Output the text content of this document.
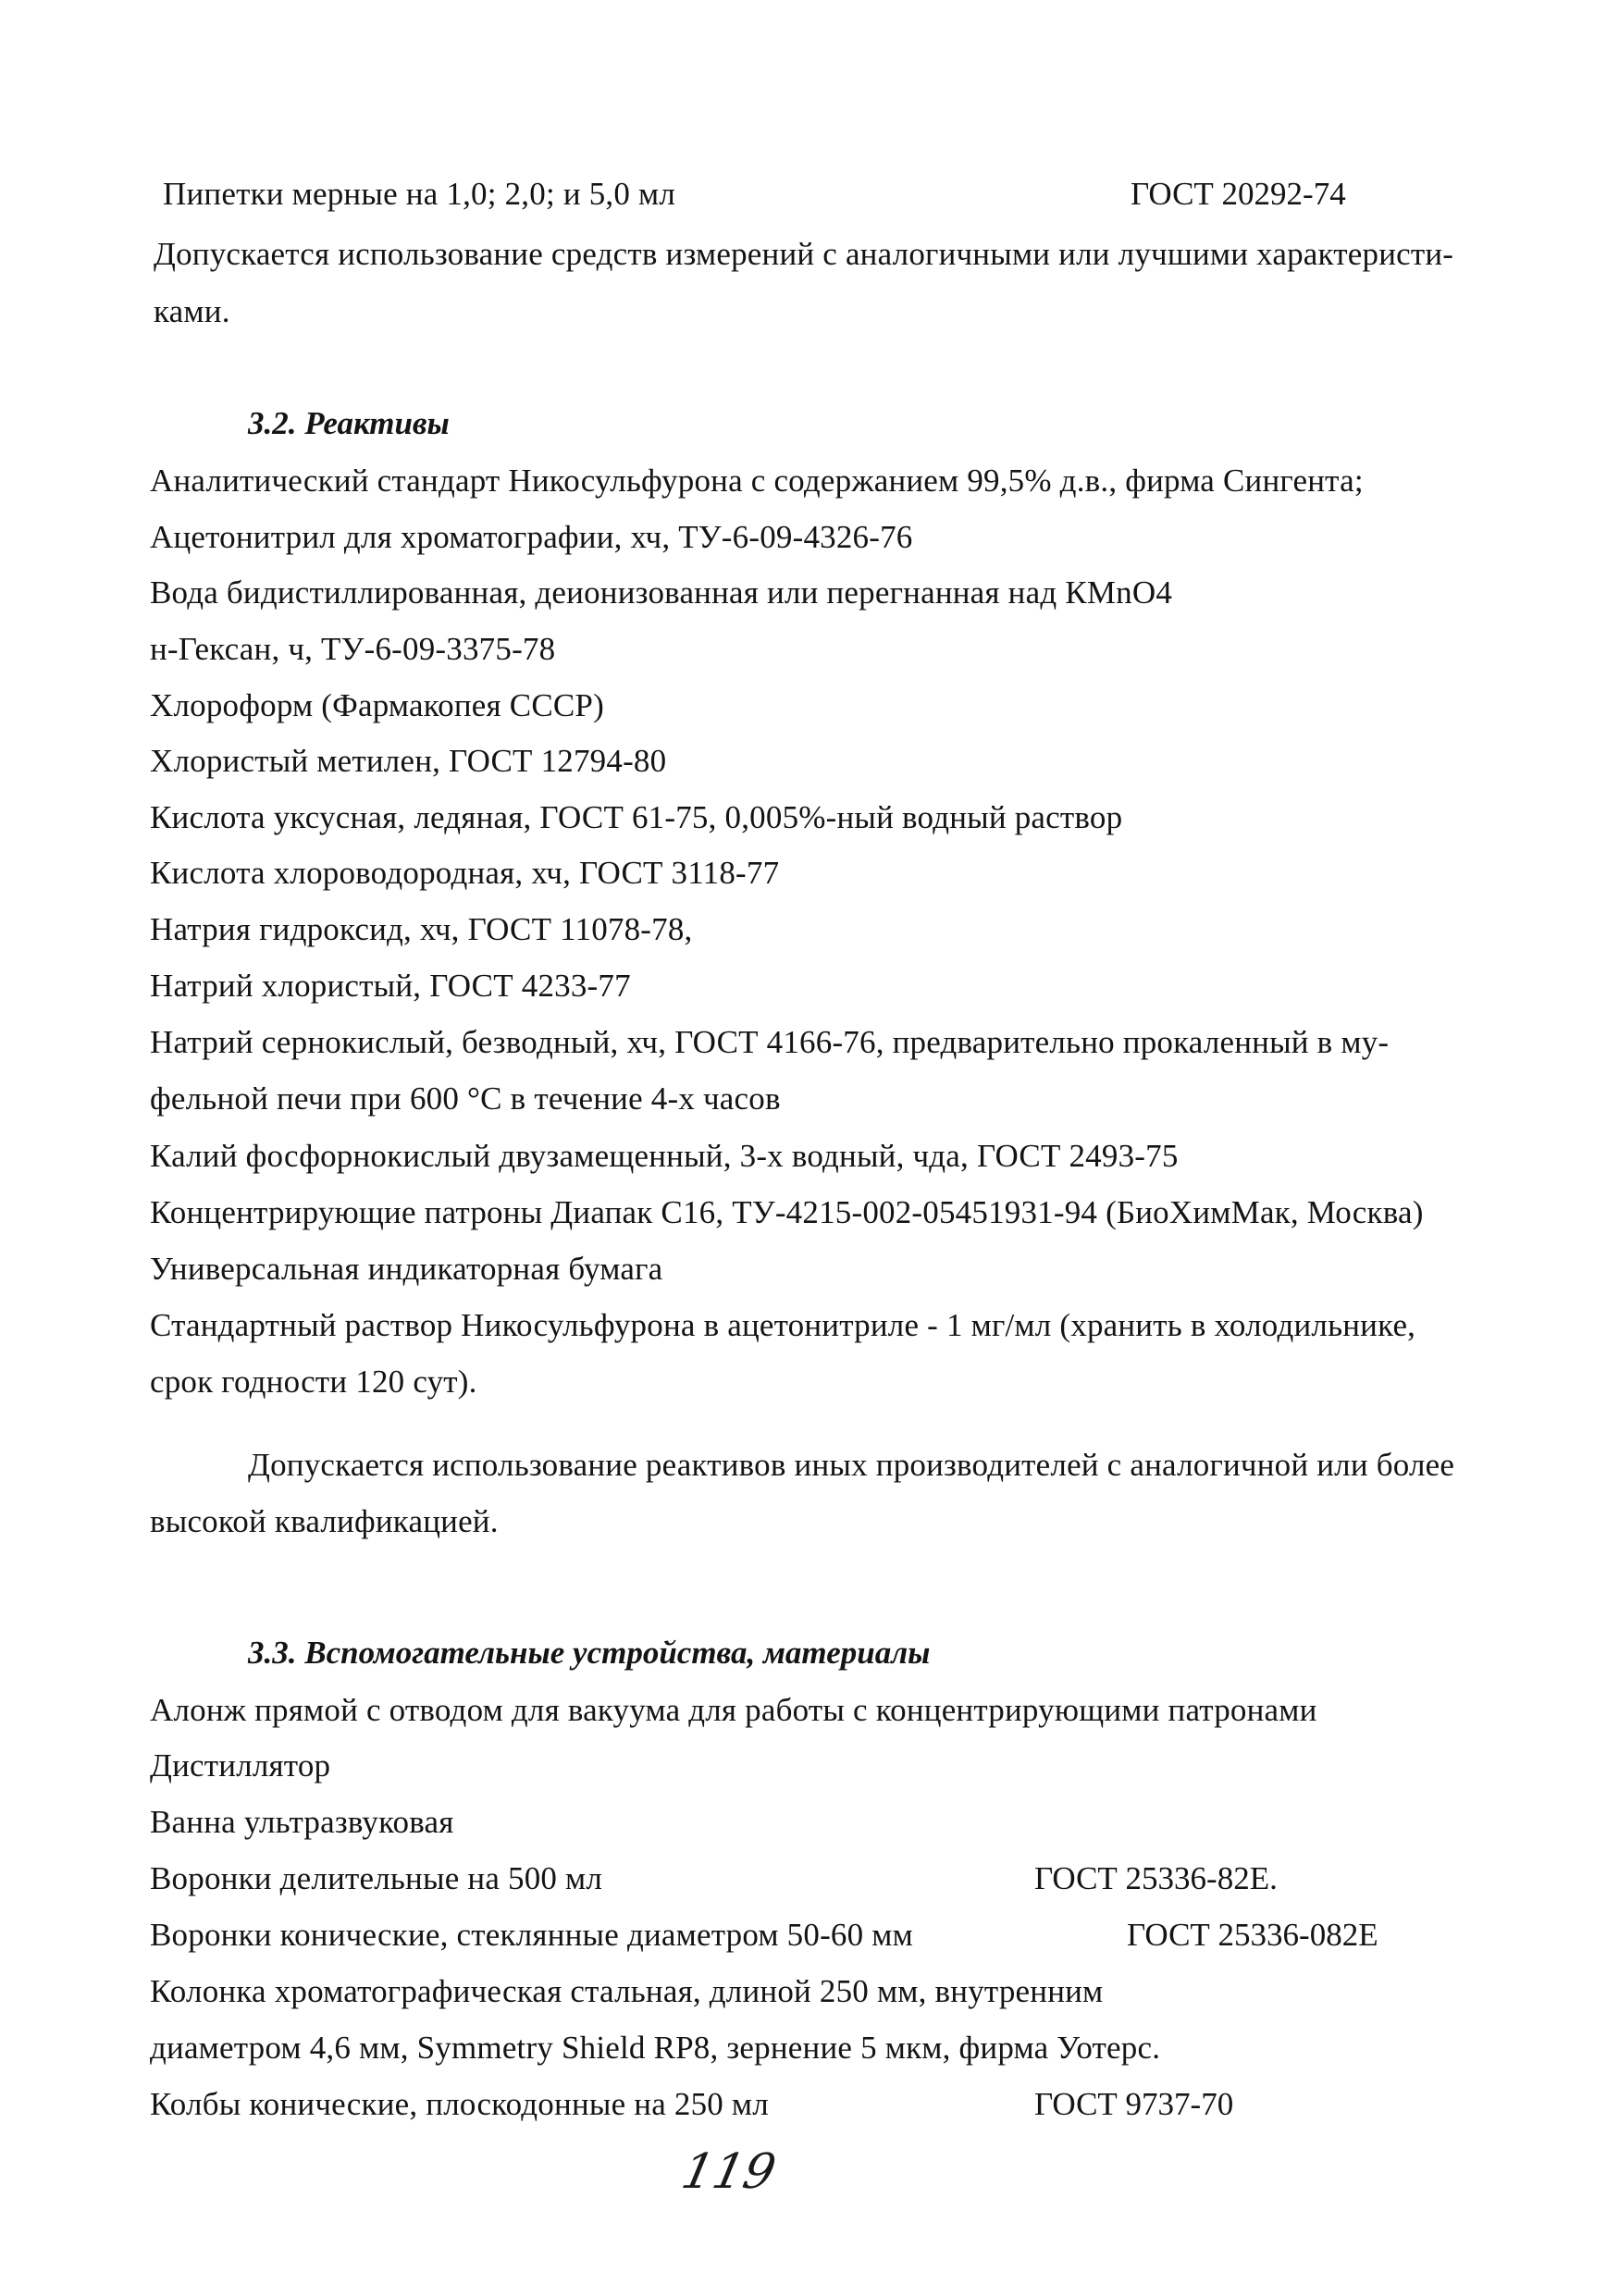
Пипетки мерные на 1,0; 2,0; и 5,0 мл	ГОСТ 20292-74
Допускается использование средств измерений с аналогичными или лучшими характеристи-
ками.
3.2. Реактивы
Аналитический стандарт Никосульфурона с содержанием 99,5% д.в., фирма Сингента;
Ацетонитрил для хроматографии, хч, ТУ-6-09-4326-76
Вода бидистиллированная, деионизованная или перегнанная над КМnО4
н-Гексан, ч, ТУ-6-09-3375-78
Хлороформ (Фармакопея СССР)
Хлористый метилен, ГОСТ 12794-80
Кислота уксусная, ледяная, ГОСТ 61-75, 0,005%-ный водный раствор
Кислота хлороводородная, хч, ГОСТ 3118-77
Натрия гидроксид, хч, ГОСТ 11078-78,
Натрий хлористый, ГОСТ 4233-77
Натрий сернокислый, безводный, хч, ГОСТ 4166-76, предварительно прокаленный в му-
фельной печи при 600 °С в течение 4-х часов
Калий фосфорнокислый двузамещенный, 3-х водный, чда, ГОСТ 2493-75
Концентрирующие патроны Диапак С16, ТУ-4215-002-05451931-94 (БиоХимМак, Москва)
Универсальная индикаторная бумага
Стандартный раствор Никосульфурона в ацетонитриле - 1 мг/мл (хранить в холодильнике,
срок годности 120 сут).
Допускается использование реактивов иных производителей с аналогичной или более
высокой квалификацией.
3.3. Вспомогательные устройства, материалы
Алонж прямой с отводом для вакуума для работы с концентрирующими патронами
Дистиллятор
Ванна ультразвуковая
Воронки делительные на 500 мл	ГОСТ 25336-82Е.
Воронки конические, стеклянные диаметром 50-60 мм	ГОСТ 25336-082Е
Колонка хроматографическая стальная, длиной 250 мм, внутренним
диаметром 4,6 мм, Symmetry Shield RP8, зернение 5 мкм, фирма Уотерс.
Колбы конические, плоскодонные на 250 мл	ГОСТ 9737-70
119
